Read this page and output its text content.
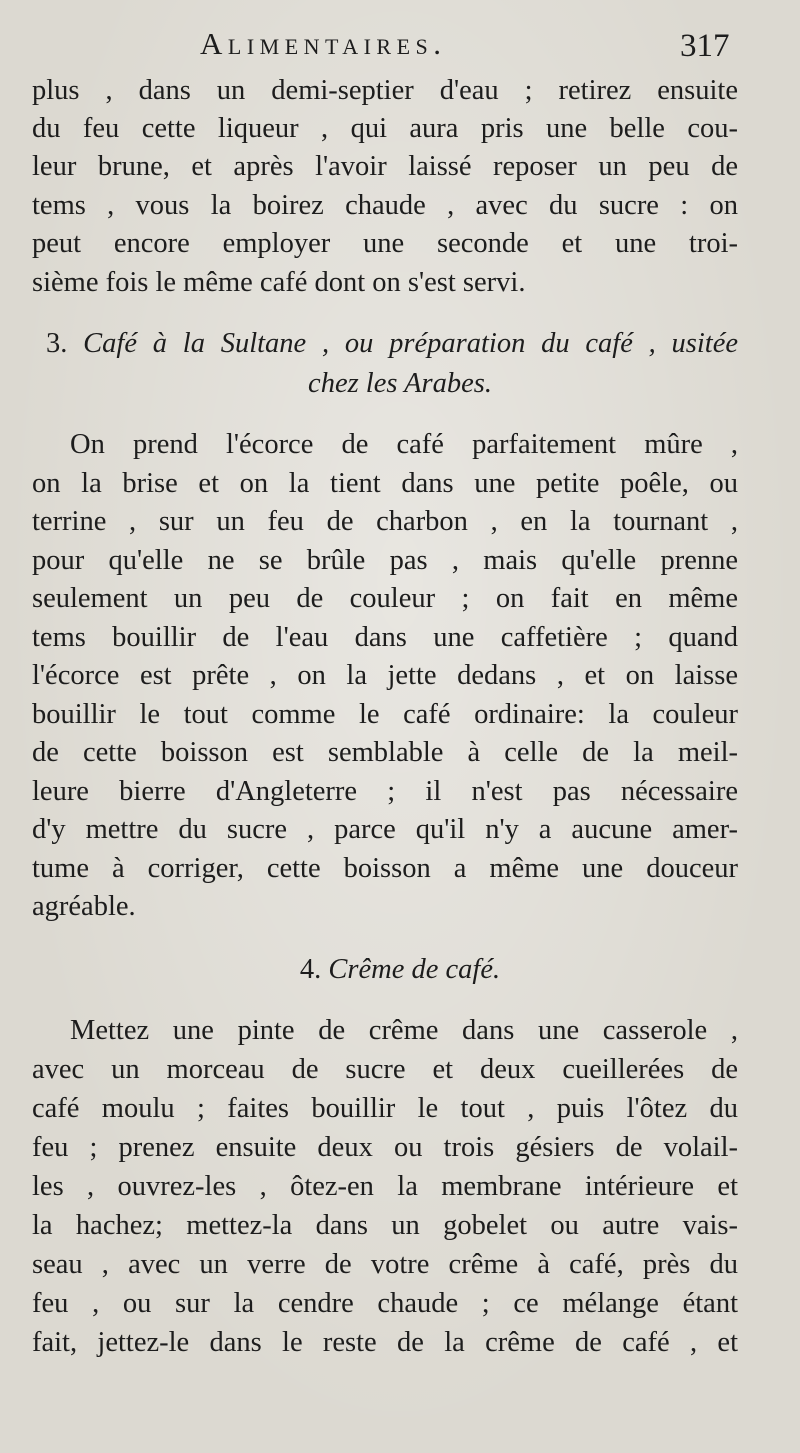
Alimentaires.	317
plus , dans un demi-septier d'eau ; retirez ensuite
du feu cette liqueur , qui aura pris une belle cou-
leur brune, et après l'avoir laissé reposer un peu de
tems , vous la boirez chaude , avec du sucre : on
peut encore employer une seconde et une troi-
sième fois le même café dont on s'est servi.
3. Café à la Sultane , ou préparation du café , usitée
chez les Arabes.
On prend l'écorce de café parfaitement mûre ,
on la brise et on la tient dans une petite poêle, ou
terrine , sur un feu de charbon , en la tournant ,
pour qu'elle ne se brûle pas , mais qu'elle prenne
seulement un peu de couleur ; on fait en même
tems bouillir de l'eau dans une caffetière ; quand
l'écorce est prête , on la jette dedans , et on laisse
bouillir le tout comme le café ordinaire: la couleur
de cette boisson est semblable à celle de la meil-
leure bierre d'Angleterre ; il n'est pas nécessaire
d'y mettre du sucre , parce qu'il n'y a aucune amer-
tume à corriger, cette boisson a même une douceur
agréable.
4. Crême de café.
Mettez une pinte de crême dans une casserole ,
avec un morceau de sucre et deux cueillerées de
café moulu ; faites bouillir le tout , puis l'ôtez du
feu ; prenez ensuite deux ou trois gésiers de volail-
les , ouvrez-les , ôtez-en la membrane intérieure et
la hachez; mettez-la dans un gobelet ou autre vais-
seau , avec un verre de votre crême à café, près du
feu , ou sur la cendre chaude ; ce mélange étant
fait, jettez-le dans le reste de la crême de café , et
